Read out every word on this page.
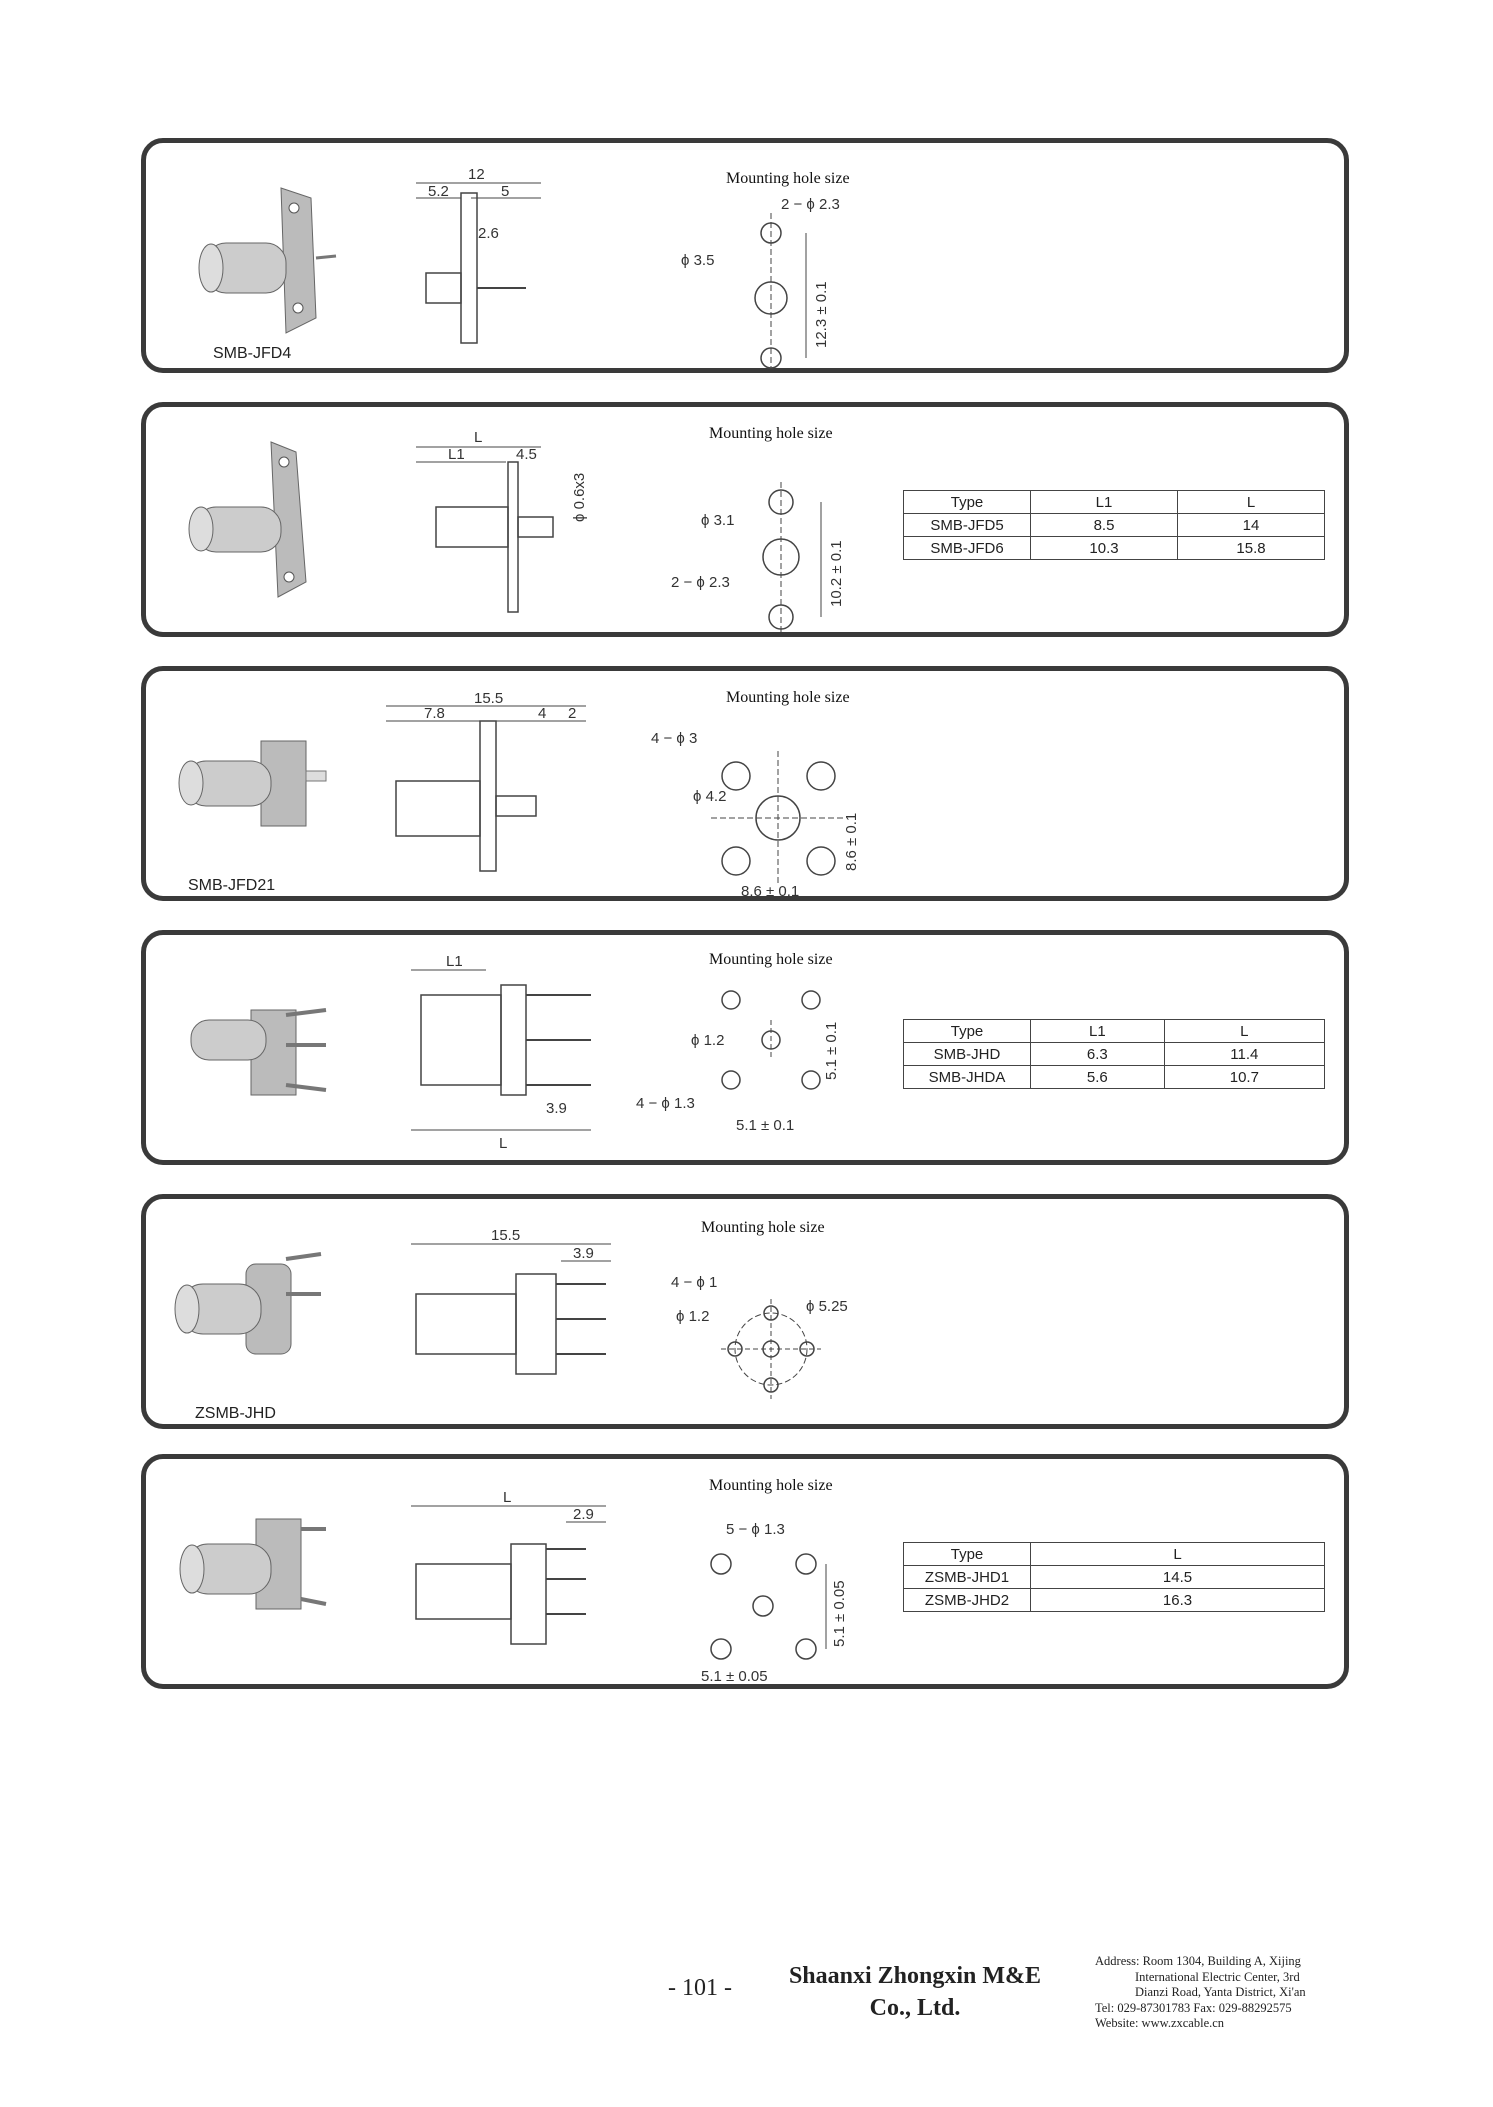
SMB-JFD4
12
5.2	5
2.6
Mounting hole size
2 − ϕ 2.3
ϕ 3.5
12.3 ± 0.1
L
L1	4.5
ϕ 0.6x3
Mounting hole size
ϕ 3.1
2 − ϕ 2.3	10.2 ± 0.1
Type	L1	L
SMB-JFD5	8.5	14
SMB-JFD6	10.3	15.8
SMB-JFD21
15.5
7.8	4 2
Mounting hole size
4 − ϕ 3
ϕ 4.2
8.6 ± 0.1
8.6 ± 0.1
L1
3.9
L
Mounting hole size
ϕ 1.2
4 − ϕ 1.3
5.1 ± 0.1
5.1 ± 0.1
Type	L1	L
SMB-JHD	6.3	11.4
SMB-JHDA	5.6	10.7
ZSMB-JHD
15.5
3.9
Mounting hole size
4 − ϕ 1
ϕ 1.2
ϕ 5.25
L
2.9
Mounting hole size
5 − ϕ 1.3
5.1 ± 0.05
5.1 ± 0.05
Type	L
ZSMB-JHD1	14.5
ZSMB-JHD2	16.3
- 101 -	Shaanxi Zhongxin M&E
Co., Ltd.
Address: Room 1304, Building A, Xijing
International Electric Center, 3rd
Dianzi Road, Yanta District, Xi'an
Tel: 029-87301783 Fax: 029-88292575
Website: www.zxcable.cn
